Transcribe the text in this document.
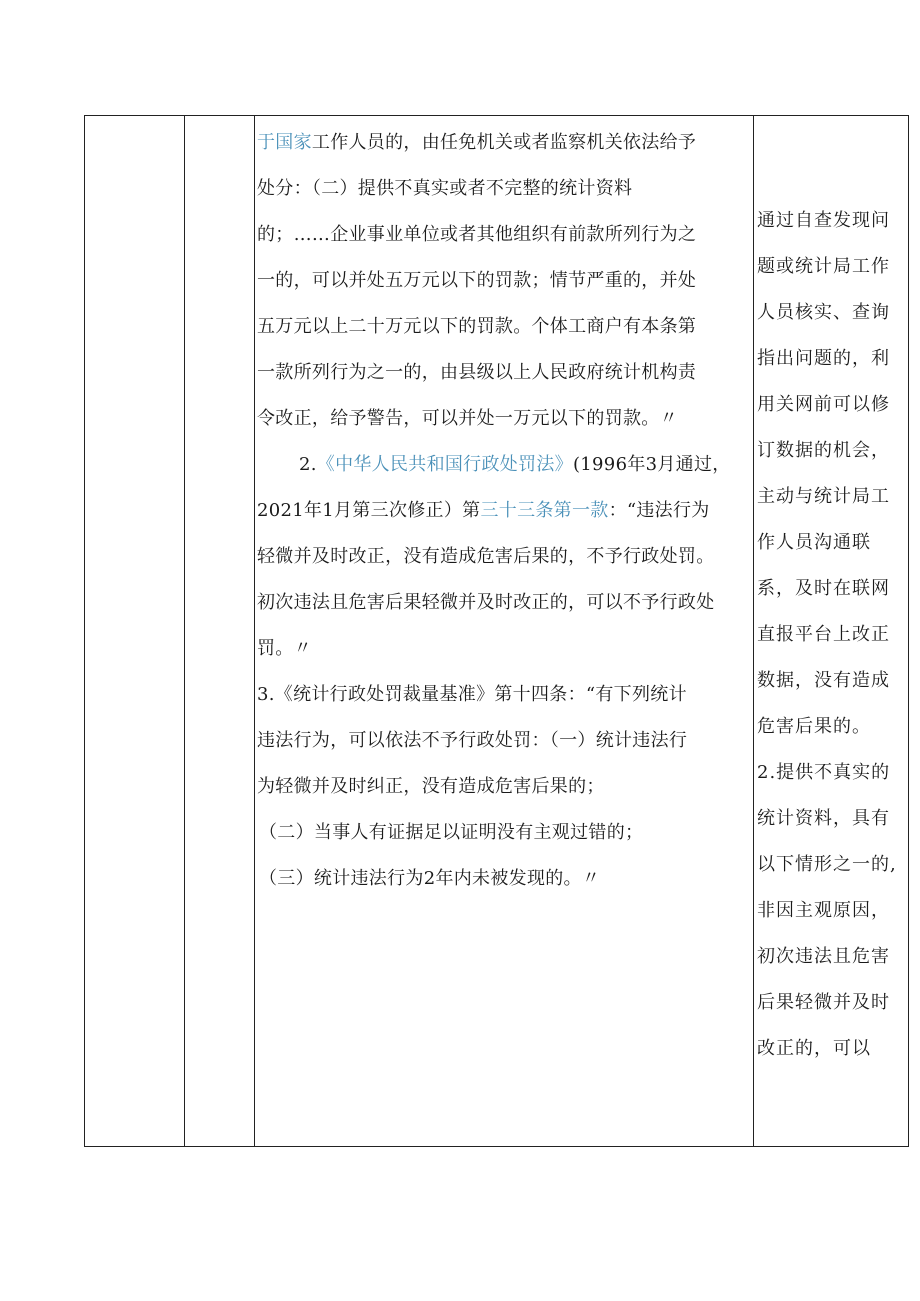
于国家工作人员的，由任免机关或者监察机关依法给予
处分：（二）提供不真实或者不完整的统计资料
的；……企业事业单位或者其他组织有前款所列行为之
一的，可以并处五万元以下的罚款；情节严重的，并处
五万元以上二十万元以下的罚款。个体工商户有本条第
一款所列行为之一的，由县级以上人民政府统计机构责
令改正，给予警告，可以并处一万元以下的罚款。〃
2.《中华人民共和国行政处罚法》(1996年3月通过，
2021年1月第三次修正）第三十三条第一款：“违法行为
轻微并及时改正，没有造成危害后果的，不予行政处罚。
初次违法且危害后果轻微并及时改正的，可以不予行政处
罚。〃
3.《统计行政处罚裁量基准》第十四条：“有下列统计
违法行为，可以依法不予行政处罚：（一）统计违法行
为轻微并及时纠正，没有造成危害后果的；
（二）当事人有证据足以证明没有主观过错的；
（三）统计违法行为2年内未被发现的。〃
通过自查发现问
题或统计局工作
人员核实、查询
指出问题的，利
用关网前可以修
订数据的机会，
主动与统计局工
作人员沟通联
系，及时在联网
直报平台上改正
数据，没有造成
危害后果的。
2.提供不真实的
统计资料，具有
以下情形之一的,
非因主观原因，
初次违法且危害
后果轻微并及时
改正的，可以
